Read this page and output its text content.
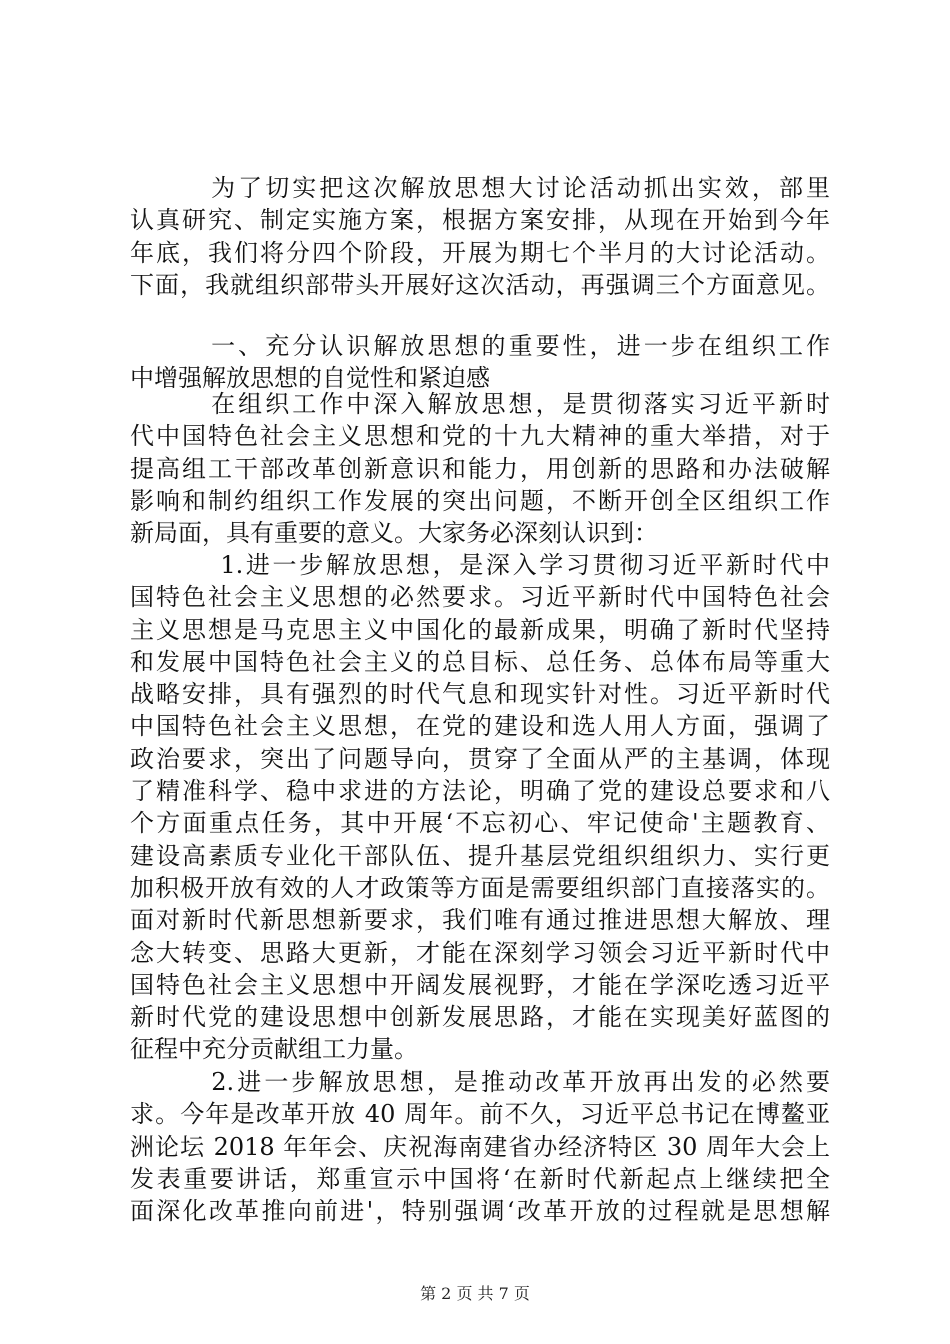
　　　为了切实把这次解放思想大讨论活动抓出实效，部里
认真研究、制定实施方案，根据方案安排，从现在开始到今年
年底，我们将分四个阶段，开展为期七个半月的大讨论活动。
下面，我就组织部带头开展好这次活动，再强调三个方面意见。
　　　一、充分认识解放思想的重要性，进一步在组织工作
中增强解放思想的自觉性和紧迫感
　　　在组织工作中深入解放思想，是贯彻落实习近平新时
代中国特色社会主义思想和党的十九大精神的重大举措，对于
提高组工干部改革创新意识和能力，用创新的思路和办法破解
影响和制约组织工作发展的突出问题，不断开创全区组织工作
新局面，具有重要的意义。大家务必深刻认识到：
　　　 1.进一步解放思想，是深入学习贯彻习近平新时代中
国特色社会主义思想的必然要求。习近平新时代中国特色社会
主义思想是马克思主义中国化的最新成果，明确了新时代坚持
和发展中国特色社会主义的总目标、总任务、总体布局等重大
战略安排，具有强烈的时代气息和现实针对性。习近平新时代
中国特色社会主义思想，在党的建设和选人用人方面，强调了
政治要求，突出了问题导向，贯穿了全面从严的主基调，体现
了精准科学、稳中求进的方法论，明确了党的建设总要求和八
个方面重点任务，其中开展‘不忘初心、牢记使命'主题教育、
建设高素质专业化干部队伍、提升基层党组织组织力、实行更
加积极开放有效的人才政策等方面是需要组织部门直接落实的。
面对新时代新思想新要求，我们唯有通过推进思想大解放、理
念大转变、思路大更新，才能在深刻学习领会习近平新时代中
国特色社会主义思想中开阔发展视野，才能在学深吃透习近平
新时代党的建设思想中创新发展思路，才能在实现美好蓝图的
征程中充分贡献组工力量。
　　　2.进一步解放思想，是推动改革开放再出发的必然要
求。今年是改革开放 40 周年。前不久，习近平总书记在博鳌亚
洲论坛 2018 年年会、庆祝海南建省办经济特区 30 周年大会上
发表重要讲话，郑重宣示中国将‘在新时代新起点上继续把全
面深化改革推向前进'，特别强调‘改革开放的过程就是思想解
第 2 页 共 7 页
